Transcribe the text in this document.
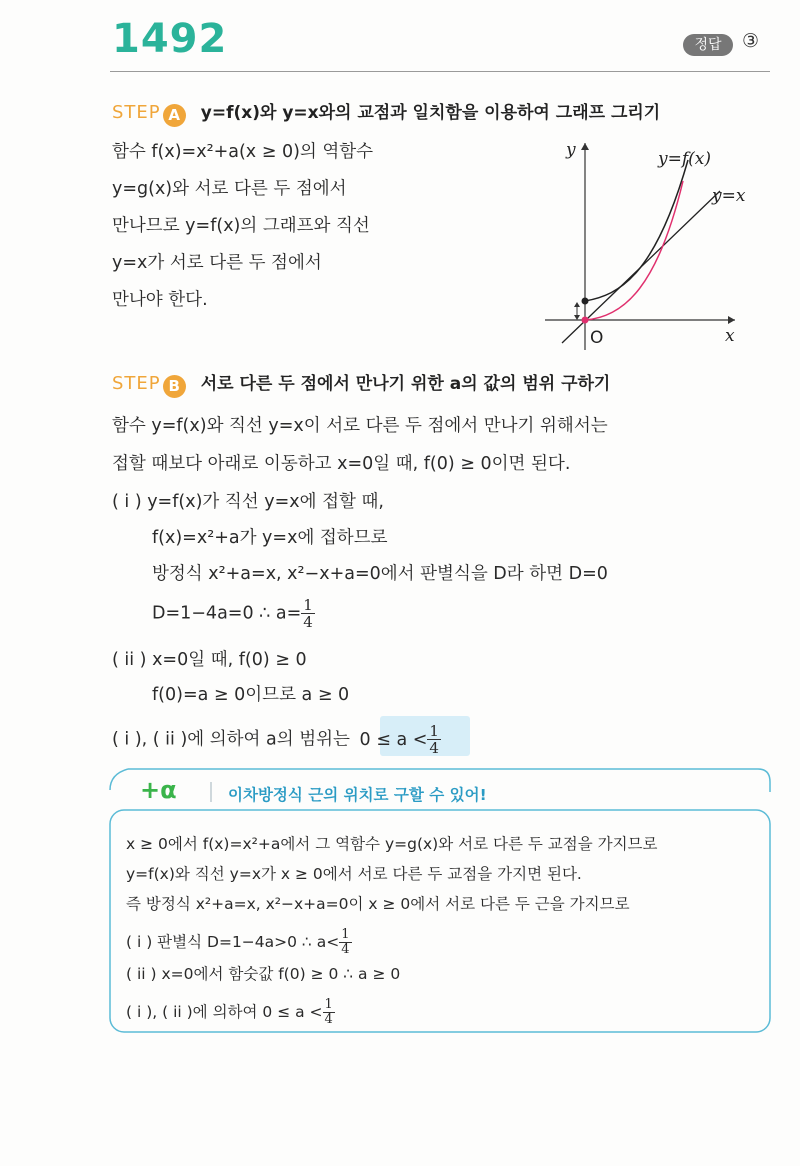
1492	정답	③
STEP A y=f(x)와 y=x와의 교점과 일치함을 이용하여 그래프 그리기
함수 f(x)=x²+a(x ≥ 0)의 역함수
y=g(x)와 서로 다른 두 점에서
만나므로 y=f(x)의 그래프와 직선
y=x가 서로 다른 두 점에서
만나야 한다.
y
x
O
y=f(x)
y=x
STEP B 서로 다른 두 점에서 만나기 위한 a의 값의 범위 구하기
함수 y=f(x)와 직선 y=x이 서로 다른 두 점에서 만나기 위해서는
접할 때보다 아래로 이동하고 x=0일 때, f(0) ≥ 0이면 된다.
( i ) y=f(x)가 직선 y=x에 접할 때,
f(x)=x²+a가 y=x에 접하므로
방정식 x²+a=x, x²−x+a=0에서 판별식을 D라 하면 D=0
D=1−4a=0 ∴ $a= \frac{1}{4}$
( ii ) x=0일 때, f(0) ≥ 0
f(0)=a ≥ 0이므로 a ≥ 0
( i ), ( ii )에 의하여 a의 범위는 $0 \le a < \frac{1}{4}$
+α	이차방정식 근의 위치로 구할 수 있어!
x ≥ 0에서 f(x)=x²+a에서 그 역함수 y=g(x)와 서로 다른 두 교점을 가지므로
y=f(x)와 직선 y=x가 x ≥ 0에서 서로 다른 두 교점을 가지면 된다.
즉 방정식 x²+a=x, x²−x+a=0이 x ≥ 0에서 서로 다른 두 근을 가지므로
( i ) 판별식 D=1−4a>0 ∴ $a< \frac{1}{4}$
( ii ) x=0에서 함숫값 f(0) ≥ 0 ∴ a ≥ 0
( i ), ( ii )에 의하여 $0 \le a < \frac{1}{4}$
